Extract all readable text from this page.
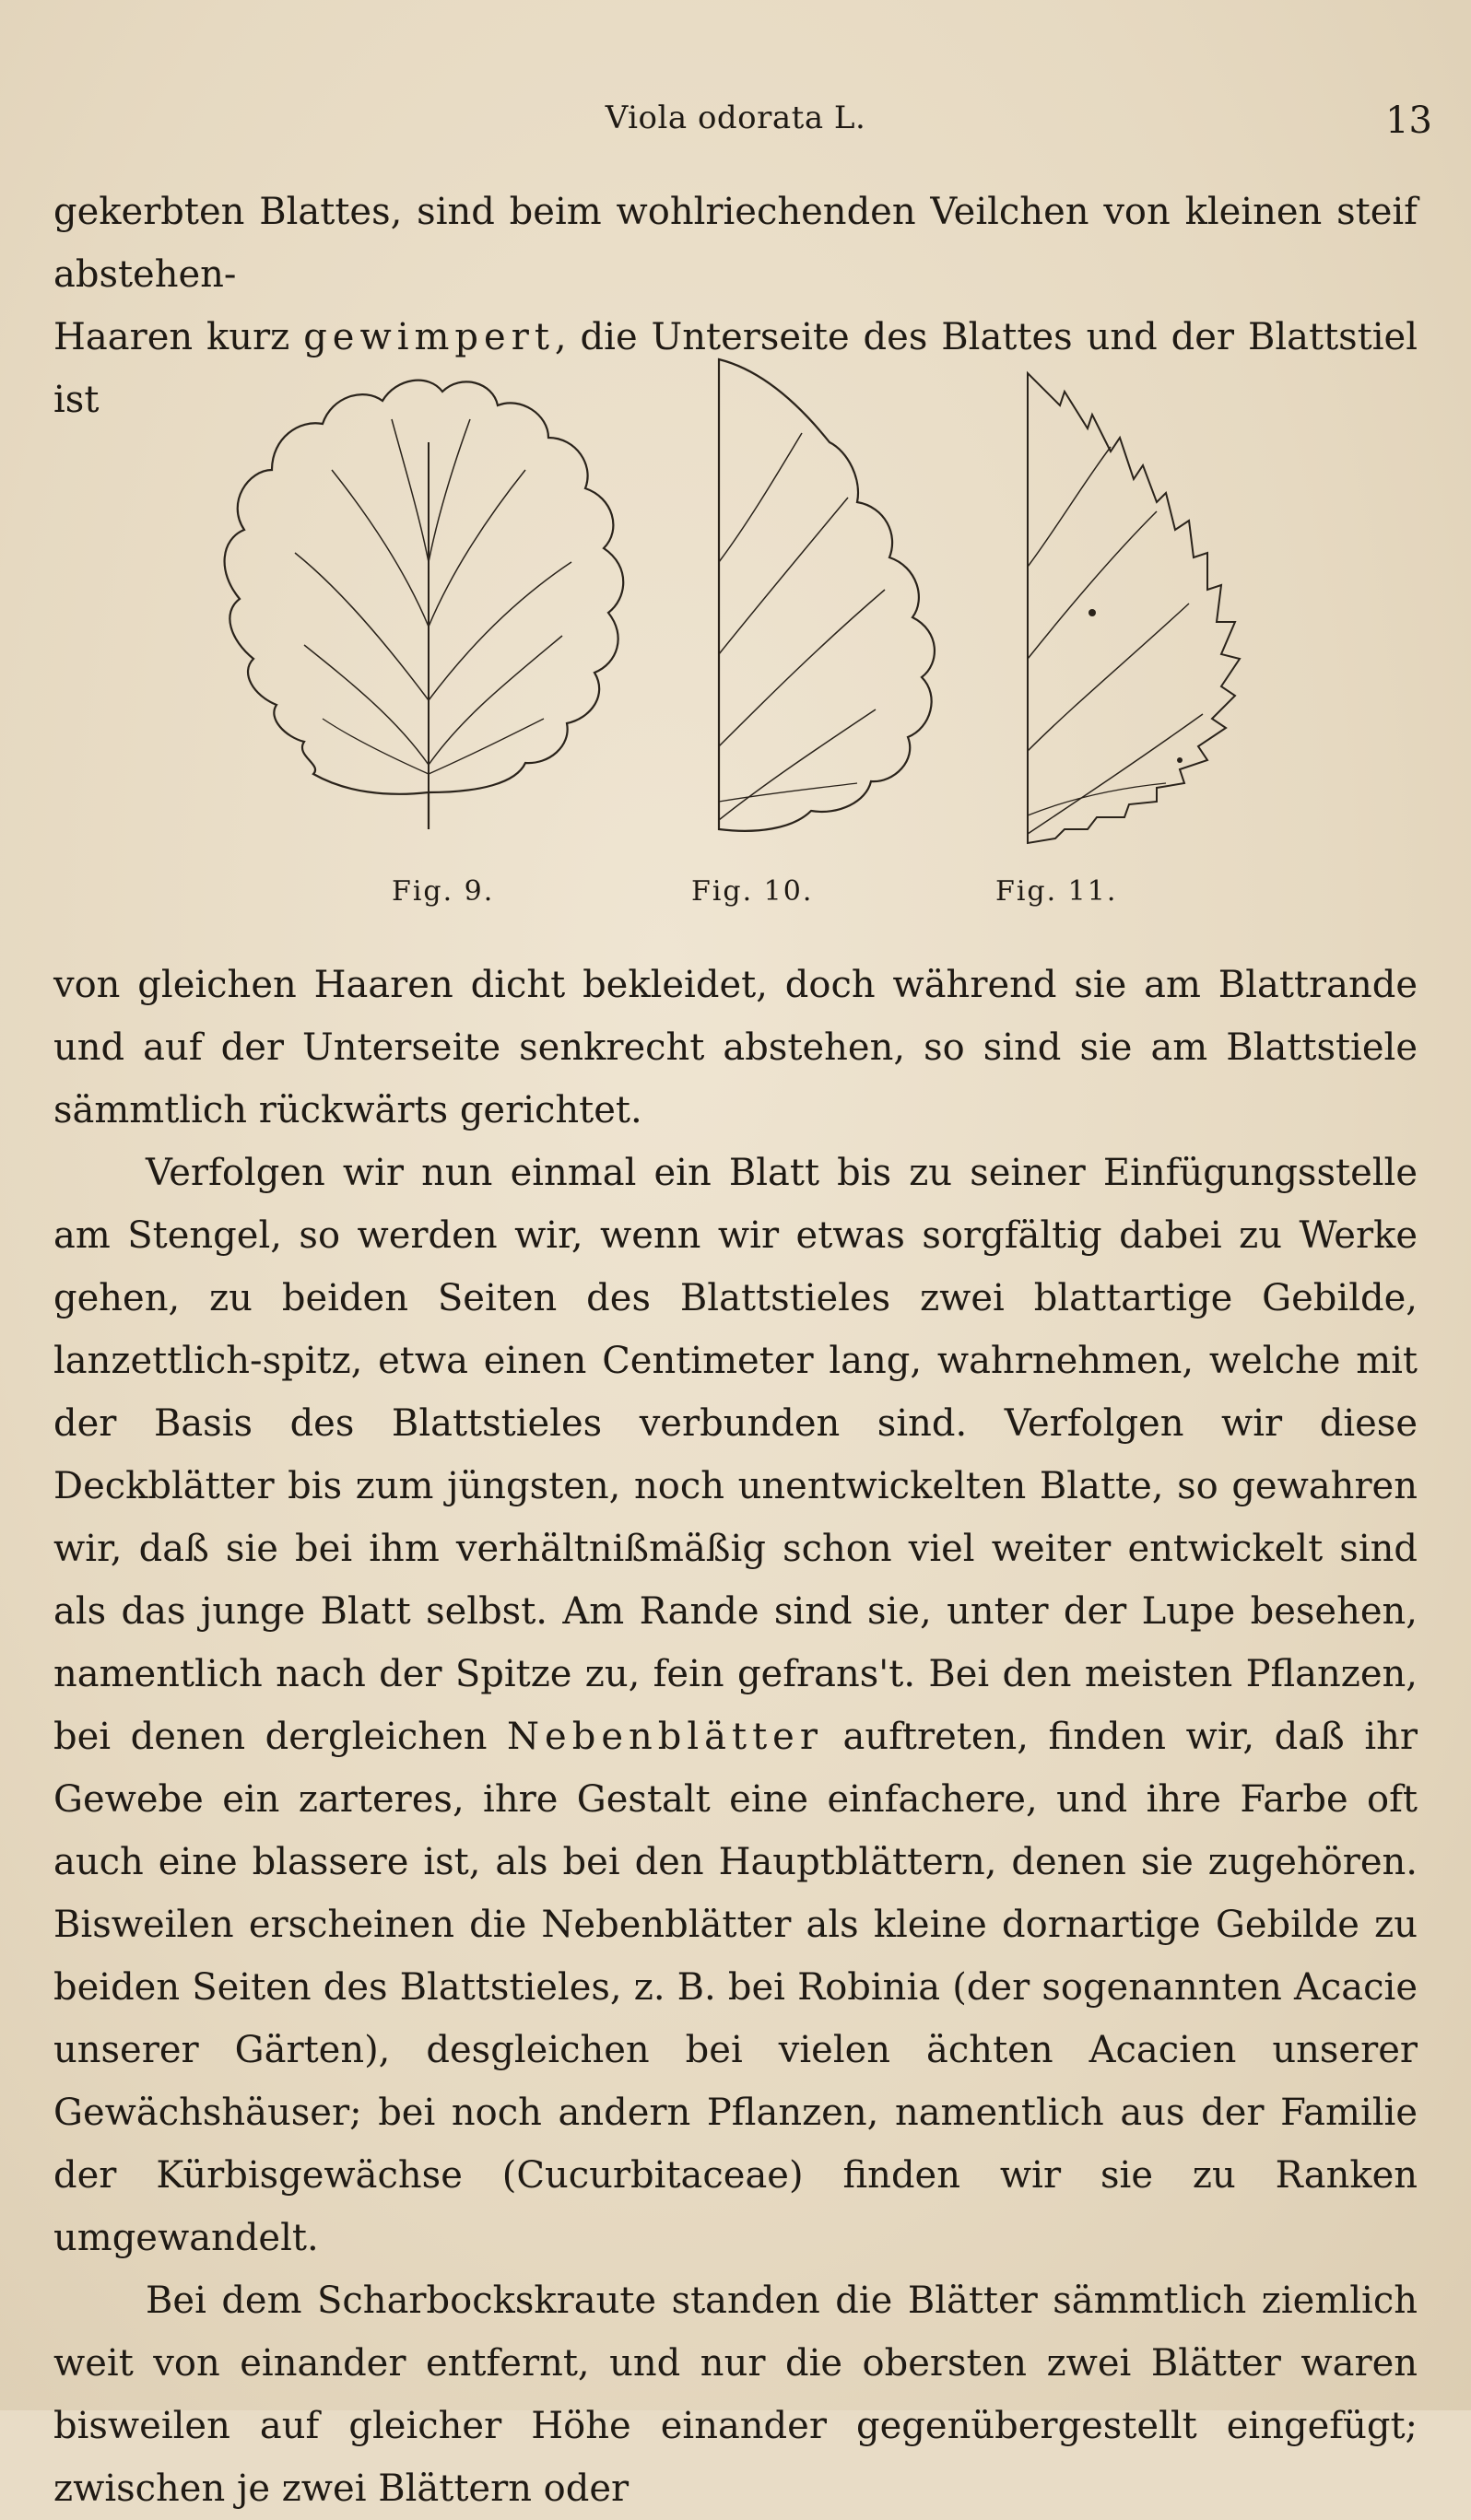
Viola odorata L.	13

gekerbten Blattes, sind beim wohlriechenden Veilchen von kleinen steif abstehen-

Haaren kurz gewimpert, die Unterseite des Blattes und der Blattstiel ist

Fig. 9.	Fig. 10.	Fig. 11.

von gleichen Haaren dicht bekleidet, doch während sie am Blattrande und auf der Unterseite senkrecht abstehen, so sind sie am Blattstiele sämmtlich rückwärts gerichtet.

Verfolgen wir nun einmal ein Blatt bis zu seiner Einfügungsstelle am Stengel, so werden wir, wenn wir etwas sorgfältig dabei zu Werke gehen, zu beiden Seiten des Blattstieles zwei blattartige Gebilde, lanzettlich-spitz, etwa einen Centimeter lang, wahrnehmen, welche mit der Basis des Blattstieles verbunden sind. Verfolgen wir diese Deckblätter bis zum jüngsten, noch unentwickelten Blatte, so gewahren wir, daß sie bei ihm verhältnißmäßig schon viel weiter entwickelt sind als das junge Blatt selbst. Am Rande sind sie, unter der Lupe besehen, namentlich nach der Spitze zu, fein gefrans't. Bei den meisten Pflanzen, bei denen dergleichen Nebenblätter auftreten, finden wir, daß ihr Gewebe ein zarteres, ihre Gestalt eine einfachere, und ihre Farbe oft auch eine blassere ist, als bei den Hauptblättern, denen sie zugehören. Bisweilen erscheinen die Nebenblätter als kleine dornartige Gebilde zu beiden Seiten des Blattstieles, z. B. bei Robinia (der sogenannten Acacie unserer Gärten), desgleichen bei vielen ächten Acacien unserer Gewächshäuser; bei noch andern Pflanzen, namentlich aus der Familie der Kürbisgewächse (Cucurbitaceae) finden wir sie zu Ranken umgewandelt.

Bei dem Scharbockskraute standen die Blätter sämmtlich ziemlich weit von einander entfernt, und nur die obersten zwei Blätter waren bisweilen auf gleicher Höhe einander gegenübergestellt eingefügt; zwischen je zwei Blättern oder
